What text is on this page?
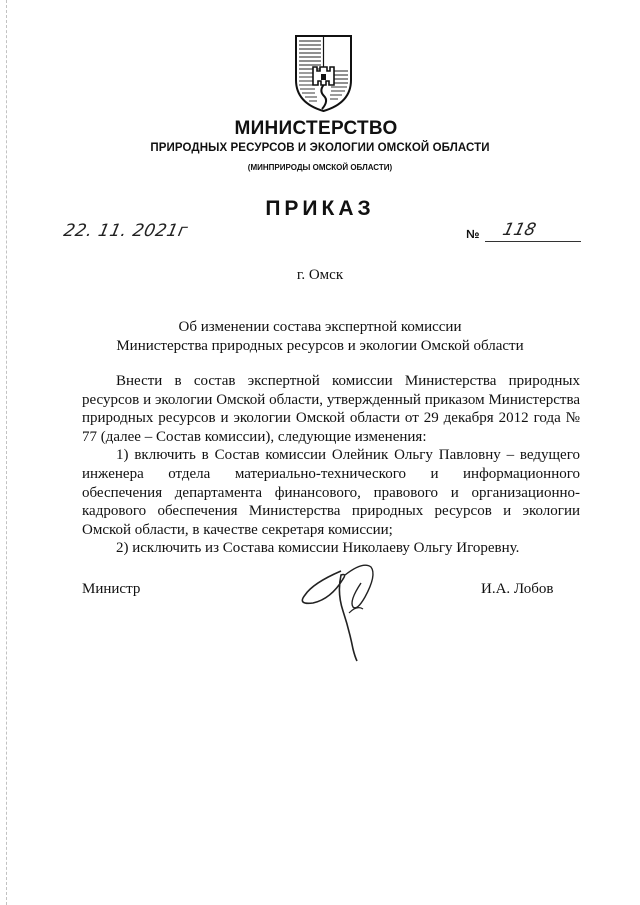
МИНИСТЕРСТВО
ПРИРОДНЫХ РЕСУРСОВ И ЭКОЛОГИИ ОМСКОЙ ОБЛАСТИ
(МИНПРИРОДЫ ОМСКОЙ ОБЛАСТИ)
ПРИКАЗ
22. 11. 2021г	№ 118
г. Омск
Об изменении состава экспертной комиссии
Министерства природных ресурсов и экологии Омской области

Внести в состав экспертной комиссии Министерства природных ресурсов и экологии Омской области, утвержденный приказом Министерства природных ресурсов и экологии Омской области от 29 декабря 2012 года № 77 (далее – Состав комиссии), следующие изменения:

1) включить в Состав комиссии Олейник Ольгу Павловну – ведущего инженера отдела материально-технического и информационного обеспечения департамента финансового, правового и организационно-кадрового обеспечения Министерства природных ресурсов и экологии Омской области, в качестве секретаря комиссии;

2) исключить из Состава комиссии Николаеву Ольгу Игоревну.

Министр	И.А. Лобов
